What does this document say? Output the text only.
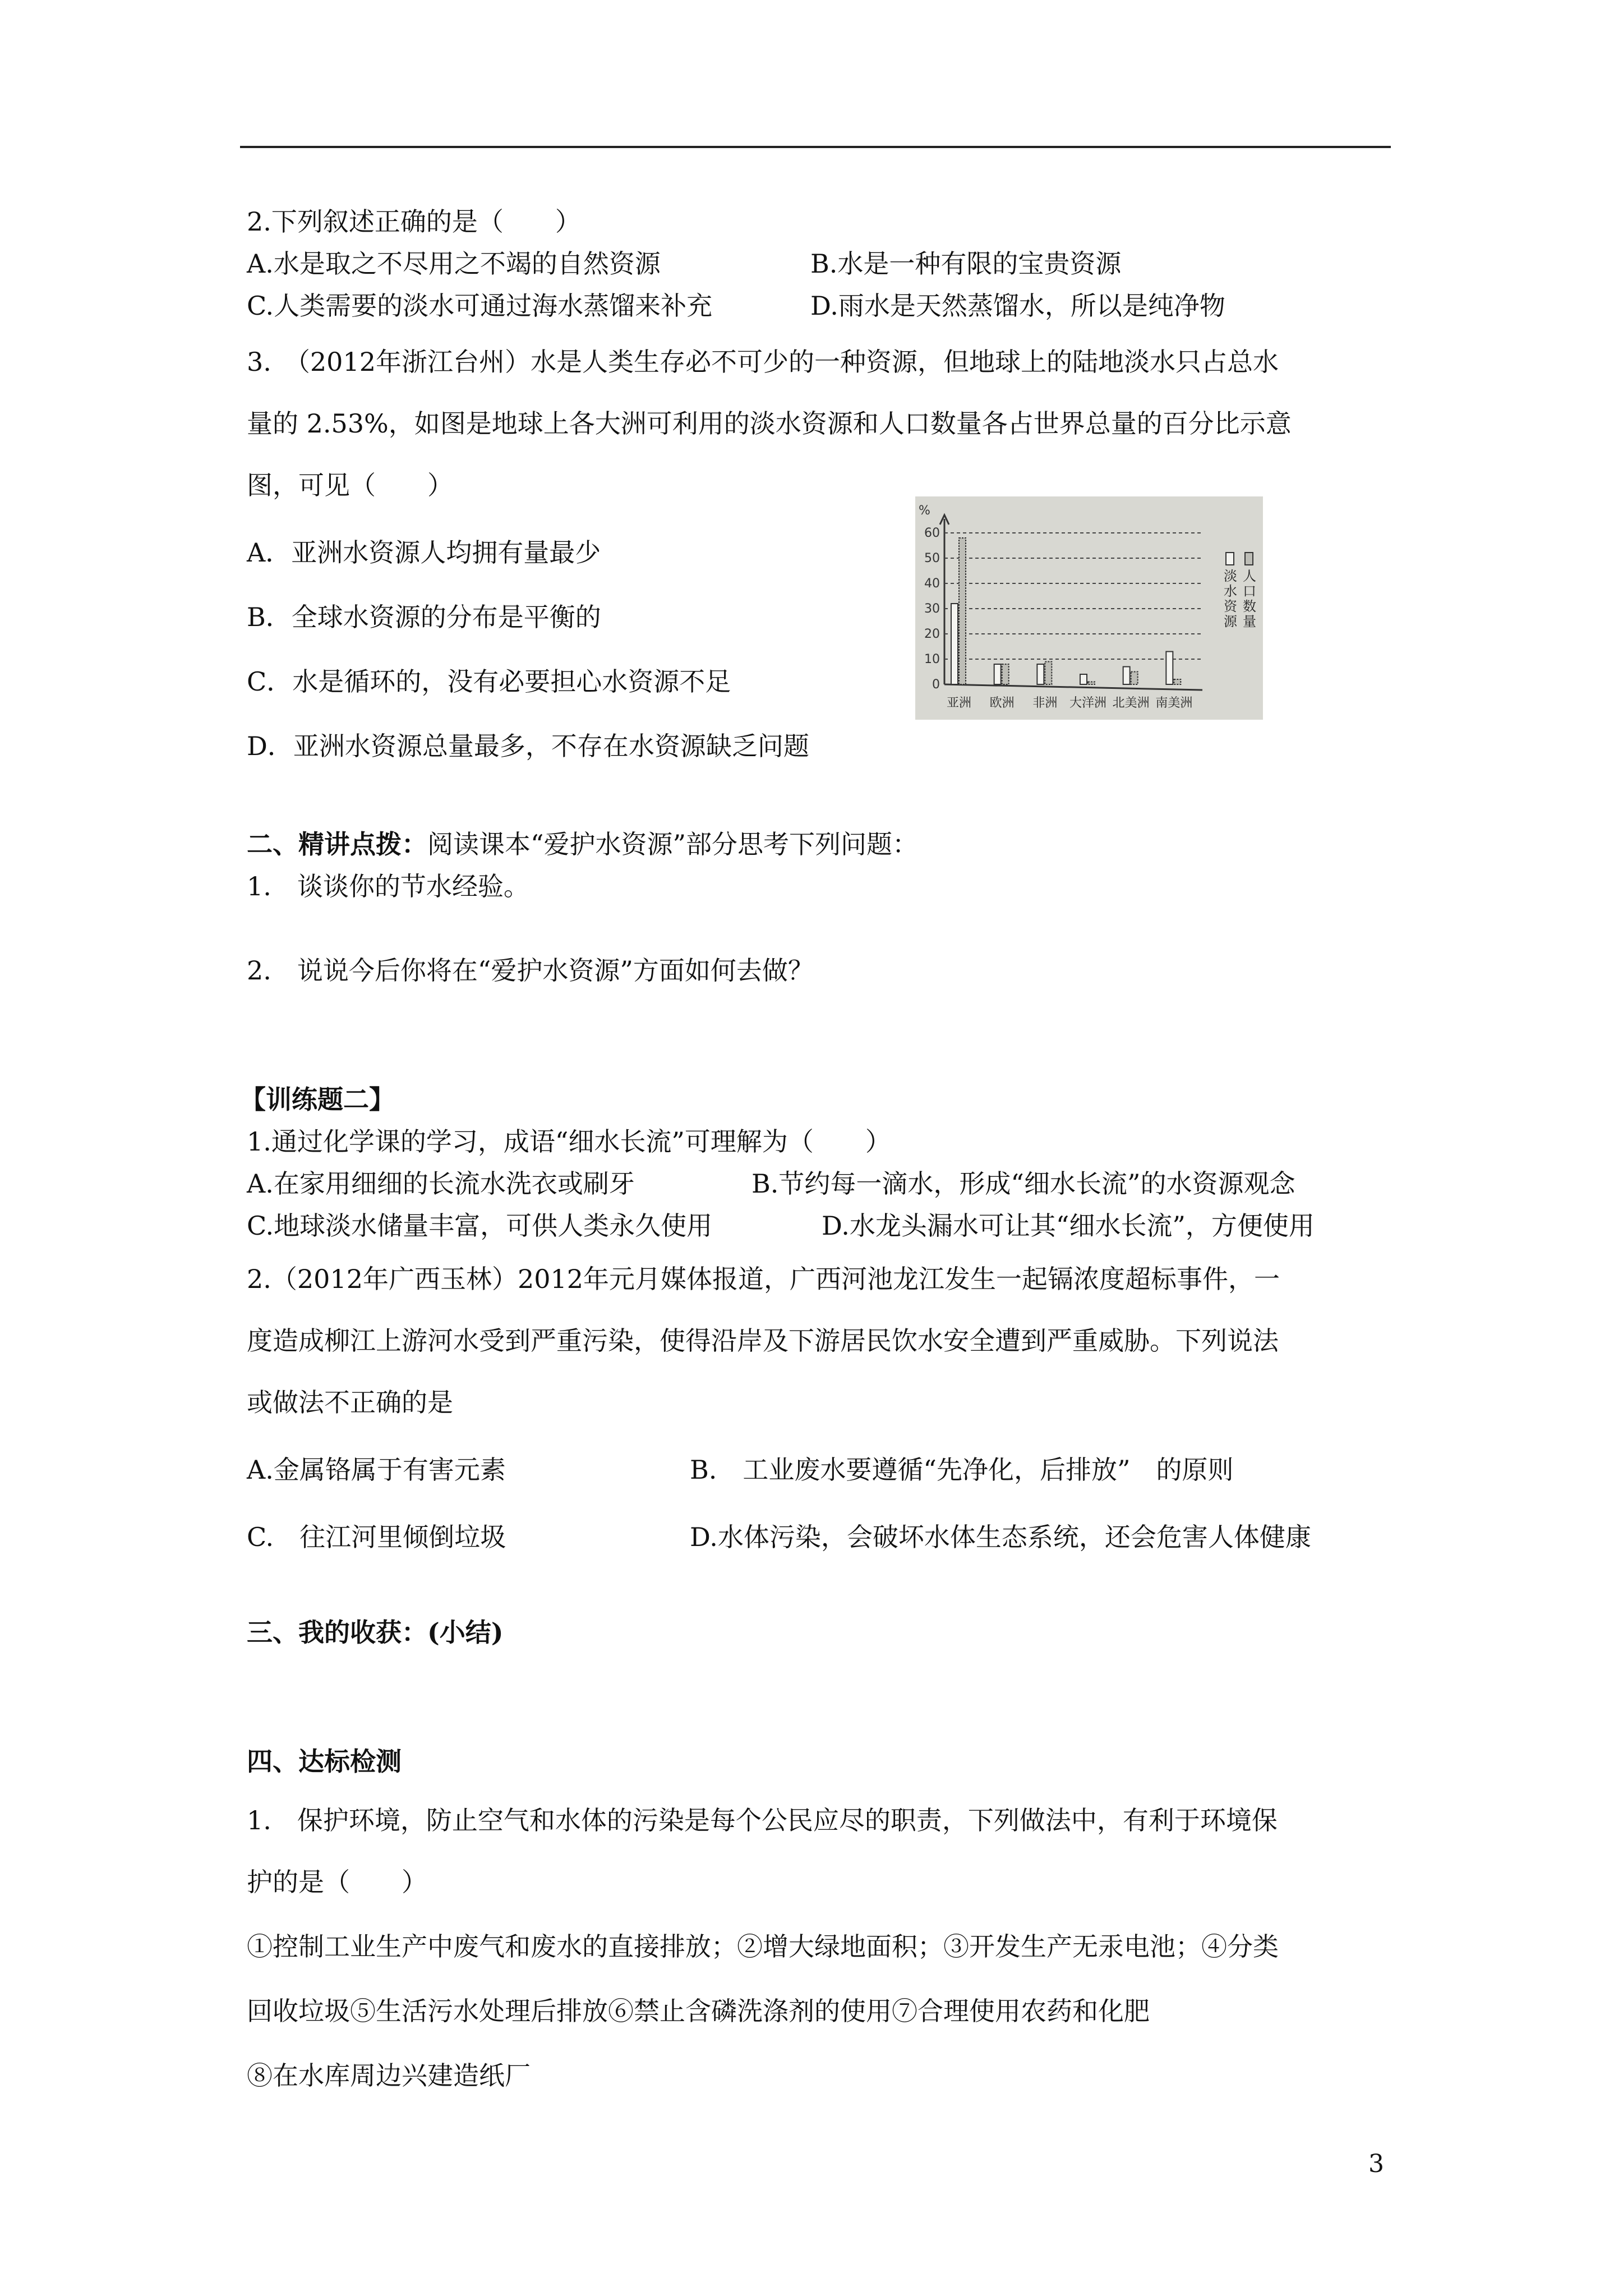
2.下列叙述正确的是（　　）
A.水是取之不尽用之不竭的自然资源	B.水是一种有限的宝贵资源
C.人类需要的淡水可通过海水蒸馏来补充	D.雨水是天然蒸馏水，所以是纯净物
3.　（2012年浙江台州）水是人类生存必不可少的一种资源，但地球上的陆地淡水只占总水
量的 2.53%，如图是地球上各大洲可利用的淡水资源和人口数量各占世界总量的百分比示意
图，可见（　　）
A．亚洲水资源人均拥有量最少
B．全球水资源的分布是平衡的
C．水是循环的，没有必要担心水资源不足
D．亚洲水资源总量最多，不存在水资源缺乏问题
%
0
10
20
30
40
50
60
亚洲 欧洲 非洲 大洋洲 北美洲 南美洲
淡
水
资
源
人
口
数
量
二、精讲点拨：阅读课本“爱护水资源”部分思考下列问题：
1.　谈谈你的节水经验。
2.　说说今后你将在“爱护水资源”方面如何去做？
【训练题二】
1.通过化学课的学习，成语“细水长流”可理解为（　　）
A.在家用细细的长流水洗衣或刷牙	B.节约每一滴水，形成“细水长流”的水资源观念
C.地球淡水储量丰富，可供人类永久使用	D.水龙头漏水可让其“细水长流”，方便使用
2.（2012年广西玉林）2012年元月媒体报道，广西河池龙江发生一起镉浓度超标事件，一
度造成柳江上游河水受到严重污染，使得沿岸及下游居民饮水安全遭到严重威胁。下列说法
或做法不正确的是
A.金属铬属于有害元素	B.　工业废水要遵循“先净化，后排放”　的原则
C.　往江河里倾倒垃圾	D.水体污染，会破坏水体生态系统，还会危害人体健康
三、我的收获：(小结)
四、达标检测
1.　保护环境，防止空气和水体的污染是每个公民应尽的职责，下列做法中，有利于环境保
护的是（　　）
①控制工业生产中废气和废水的直接排放；②增大绿地面积；③开发生产无汞电池；④分类
回收垃圾⑤生活污水处理后排放⑥禁止含磷洗涤剂的使用⑦合理使用农药和化肥
⑧在水库周边兴建造纸厂
3
